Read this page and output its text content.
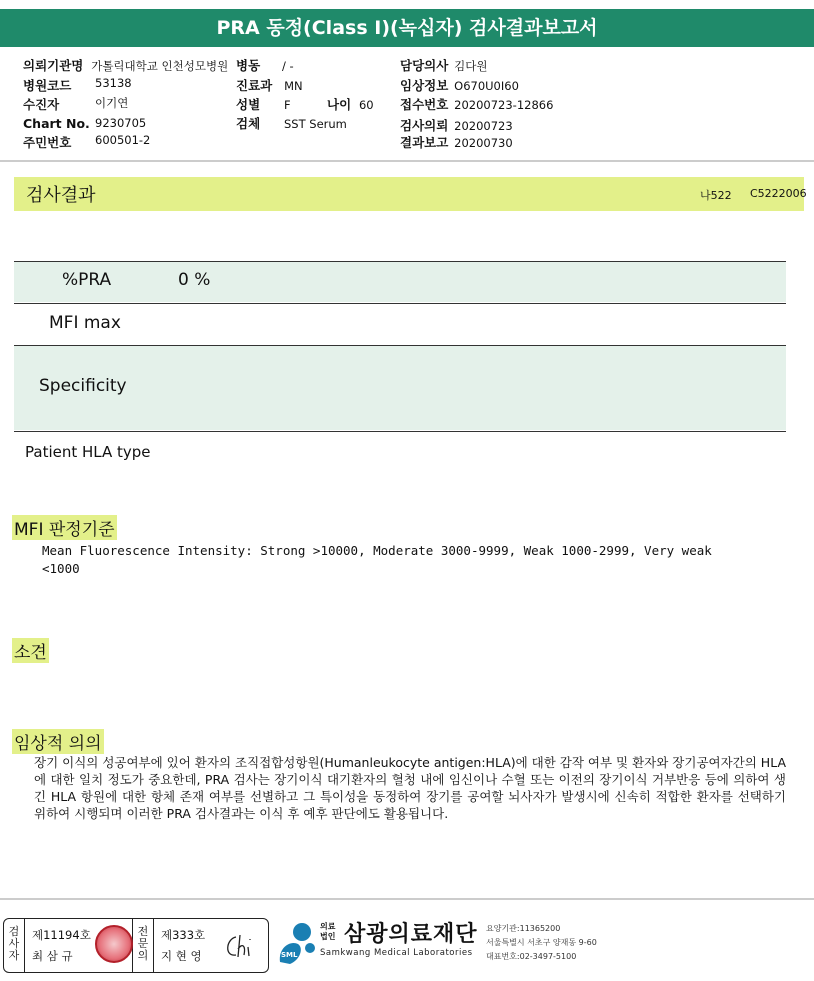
PRA 동정(Class I)(녹십자) 검사결과보고서
의뢰기관명 가톨릭대학교 인천성모병원 병동 / -	담당의사 김다원
병원코드 53138	진료과 MN	임상정보 O670U0I60
수진자	이기연	성별 F	나이 60 접수번호 20200723-12866
Chart No. 9230705	검체 SST Serum	검사의뢰 20200723
주민번호 600501-2	결과보고 20200730
검사결과	나522 C5222006
%PRA	0 %
MFI max
Specificity
Patient HLA type
MFI 판정기준
Mean Fluorescence Intensity: Strong >10000, Moderate 3000-9999, Weak 1000-2999, Very weak
<1000
소견
임상적 의의
장기 이식의 성공여부에 있어 환자의 조직접합성항원(Humanleukocyte antigen:HLA)에 대한 감작 여부 및 환자와 장기공여자간의 HLA에 대한 일치 정도가 중요한데, PRA 검사는 장기이식 대기환자의 혈청 내에 임신이나 수혈 또는 이전의 장기이식 거부반응 등에 의하여 생긴 HLA 항원에 대한 항체 존재 여부를 선별하고 그 특이성을 동정하여 장기를 공여할 뇌사자가 발생시에 신속히 적합한 환자를 선택하기 위하여 시행되며 이러한 PRA 검사결과는 이식 후 예후 판단에도 활용됩니다.
검사자
제11194호
최 삼 규
전문의
제333호
지 현 영	SML
의료
법인 삼광의료재단
Samkwang Medical Laboratories
요양기관:11365200
서울특별시 서초구 양재동 9-60
대표번호:02-3497-5100
